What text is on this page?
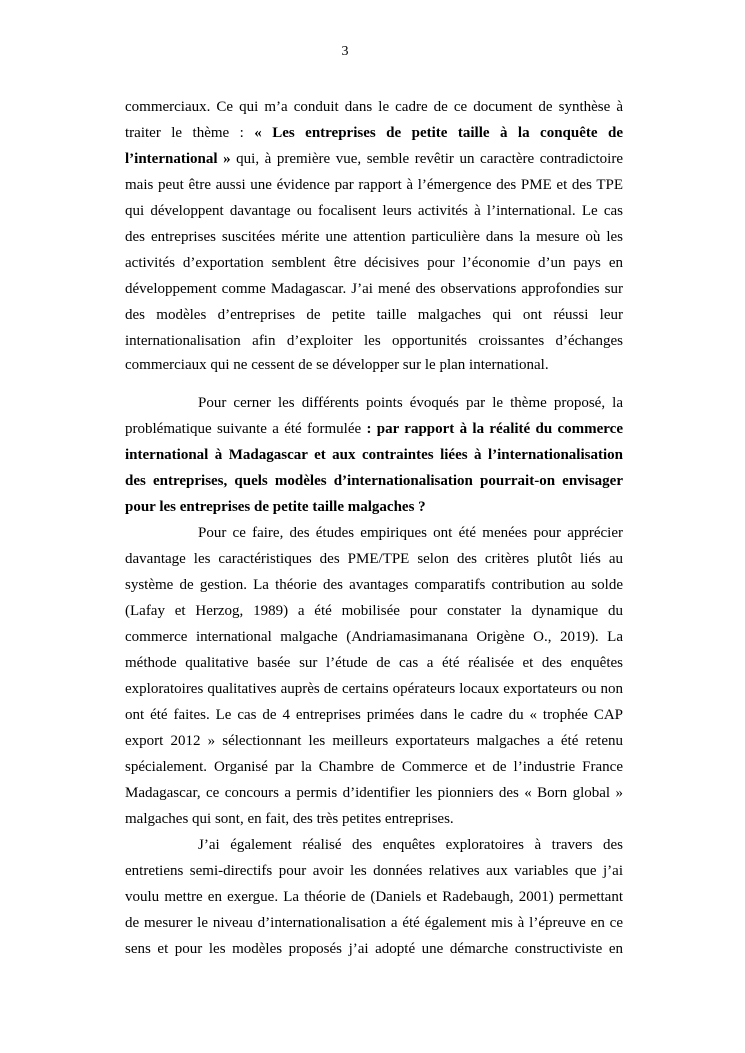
3
commerciaux. Ce qui m’a conduit dans le cadre de ce document de synthèse à
traiter le thème : « Les entreprises de petite taille à la conquête de
l’international » qui, à première vue, semble revêtir un caractère contradictoire
mais peut être aussi une évidence par rapport à l’émergence des PME et des TPE
qui développent davantage ou focalisent leurs activités à l’international. Le cas
des entreprises suscitées mérite une attention particulière dans la mesure où les
activités d’exportation semblent être décisives pour l’économie d’un pays en
développement comme Madagascar. J’ai mené des observations approfondies sur
des modèles d’entreprises de petite taille malgaches qui ont réussi leur
internationalisation afin d’exploiter les opportunités croissantes d’échanges
commerciaux qui ne cessent de se développer sur le plan international.
Pour cerner les différents points évoqués par le thème proposé, la
problématique suivante a été formulée : par rapport à la réalité du commerce
international à Madagascar et aux contraintes liées à l’internationalisation
des entreprises, quels modèles d’internationalisation pourrait-on envisager
pour les entreprises de petite taille malgaches ?
Pour ce faire, des études empiriques ont été menées pour apprécier
davantage les caractéristiques des PME/TPE selon des critères plutôt liés au
système de gestion. La théorie des avantages comparatifs contribution au solde
(Lafay et Herzog, 1989) a été mobilisée pour constater la dynamique du
commerce international malgache (Andriamasimanana Origène O., 2019). La
méthode qualitative basée sur l’étude de cas a été réalisée et des enquêtes
exploratoires qualitatives auprès de certains opérateurs locaux exportateurs ou non
ont été faites. Le cas de 4 entreprises primées dans le cadre du « trophée CAP
export 2012 » sélectionnant les meilleurs exportateurs malgaches a été retenu
spécialement. Organisé par la Chambre de Commerce et de l’industrie France
Madagascar, ce concours a permis d’identifier les pionniers des « Born global »
malgaches qui sont, en fait, des très petites entreprises.
J’ai également réalisé des enquêtes exploratoires à travers des
entretiens semi-directifs pour avoir les données relatives aux variables que j’ai
voulu mettre en exergue. La théorie de (Daniels et Radebaugh, 2001) permettant
de mesurer le niveau d’internationalisation a été également mis à l’épreuve en ce
sens et pour les modèles proposés j’ai adopté une démarche constructiviste en
